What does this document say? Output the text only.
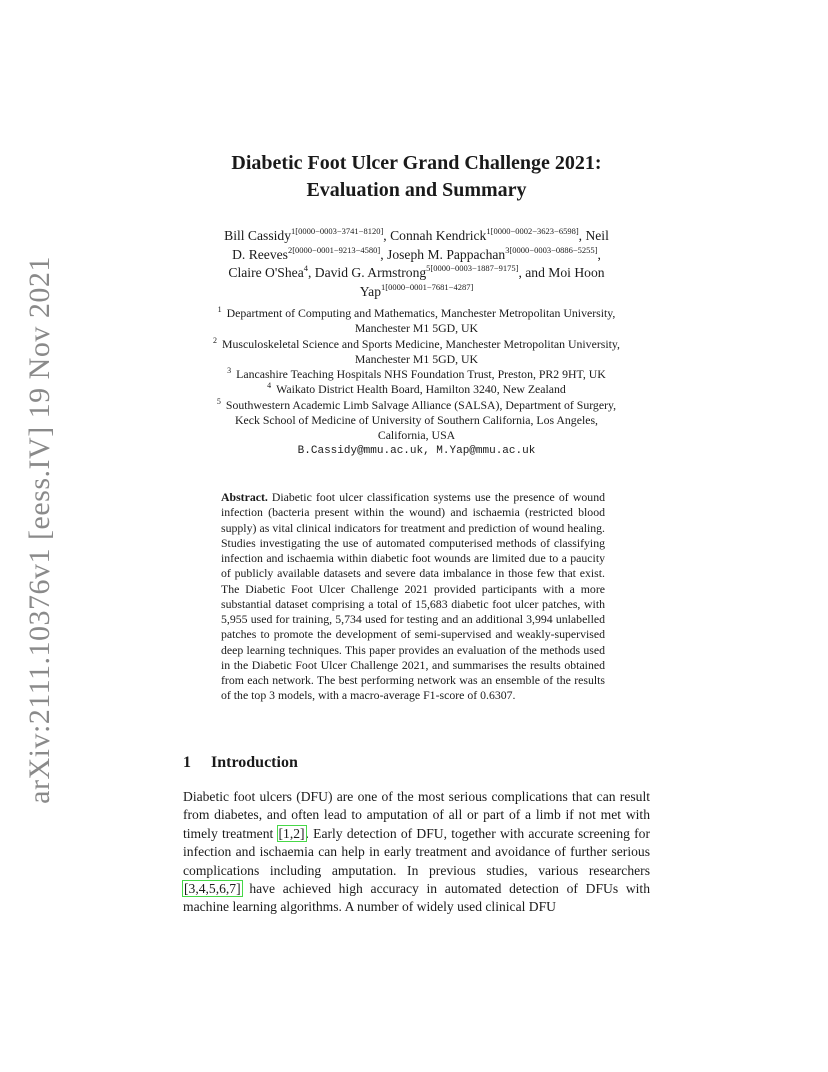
arXiv:2111.10376v1 [eess.IV] 19 Nov 2021
Diabetic Foot Ulcer Grand Challenge 2021:
Evaluation and Summary
Bill Cassidy$^{1[0000-0003-3741-8120]}$, Connah Kendrick$^{1[0000-0002-3623-6598]}$, Neil
D. Reeves$^{2[0000-0001-9213-4580]}$, Joseph M. Pappachan$^{3[0000-0003-0886-5255]}$,
Claire O'Shea$^4$, David G. Armstrong$^{5[0000-0003-1887-9175]}$, and Moi Hoon
Yap$^{1[0000-0001-7681-4287]}$
$^1$ Department of Computing and Mathematics, Manchester Metropolitan University,
Manchester M1 5GD, UK
$^2$ Musculoskeletal Science and Sports Medicine, Manchester Metropolitan University,
Manchester M1 5GD, UK
$^3$ Lancashire Teaching Hospitals NHS Foundation Trust, Preston, PR2 9HT, UK
$^4$ Waikato District Health Board, Hamilton 3240, New Zealand
$^5$ Southwestern Academic Limb Salvage Alliance (SALSA), Department of Surgery,
Keck School of Medicine of University of Southern California, Los Angeles,
California, USA
B.Cassidy@mmu.ac.uk, M.Yap@mmu.ac.uk
Abstract. Diabetic foot ulcer classification systems use the presence of wound infection (bacteria present within the wound) and ischaemia (restricted blood supply) as vital clinical indicators for treatment and prediction of wound healing. Studies investigating the use of automated computerised methods of classifying infection and ischaemia within diabetic foot wounds are limited due to a paucity of publicly available datasets and severe data imbalance in those few that exist. The Diabetic Foot Ulcer Challenge 2021 provided participants with a more substantial dataset comprising a total of 15,683 diabetic foot ulcer patches, with 5,955 used for training, 5,734 used for testing and an additional 3,994 unlabelled patches to promote the development of semi-supervised and weakly-supervised deep learning techniques. This paper provides an evaluation of the methods used in the Diabetic Foot Ulcer Challenge 2021, and summarises the results obtained from each network. The best performing network was an ensemble of the results of the top 3 models, with a macro-average F1-score of 0.6307.
1 Introduction
Diabetic foot ulcers (DFU) are one of the most serious complications that can result from diabetes, and often lead to amputation of all or part of a limb if not met with timely treatment [1,2]. Early detection of DFU, together with accurate screening for infection and ischaemia can help in early treatment and avoidance of further serious complications including amputation. In previous studies, various researchers [3,4,5,6,7] have achieved high accuracy in automated detection of DFUs with machine learning algorithms. A number of widely used clinical DFU
